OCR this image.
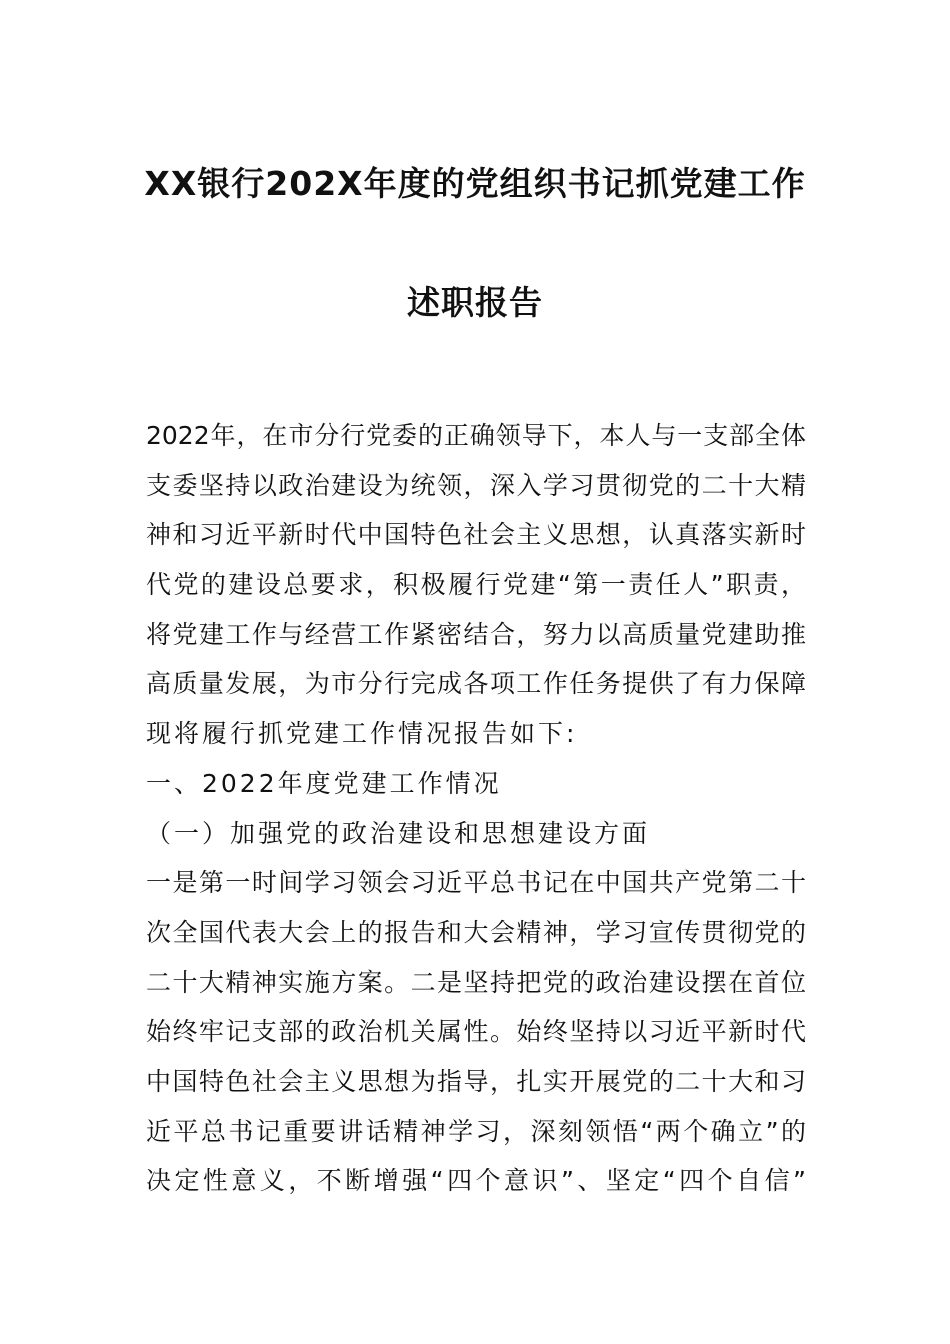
XX银行202X年度的党组织书记抓党建工作
述职报告
2022年，在市分行党委的正确领导下，本人与一支部全体
支委坚持以政治建设为统领，深入学习贯彻党的二十大精
神和习近平新时代中国特色社会主义思想，认真落实新时
代党的建设总要求，积极履行党建“第一责任人”职责，
将党建工作与经营工作紧密结合，努力以高质量党建助推
高质量发展，为市分行完成各项工作任务提供了有力保障
现将履行抓党建工作情况报告如下:
一、2022年度党建工作情况
（一）加强党的政治建设和思想建设方面
一是第一时间学习领会习近平总书记在中国共产党第二十
次全国代表大会上的报告和大会精神，学习宣传贯彻党的
二十大精神实施方案。二是坚持把党的政治建设摆在首位
始终牢记支部的政治机关属性。始终坚持以习近平新时代
中国特色社会主义思想为指导，扎实开展党的二十大和习
近平总书记重要讲话精神学习，深刻领悟“两个确立”的
决定性意义，不断增强“四个意识”、坚定“四个自信”
